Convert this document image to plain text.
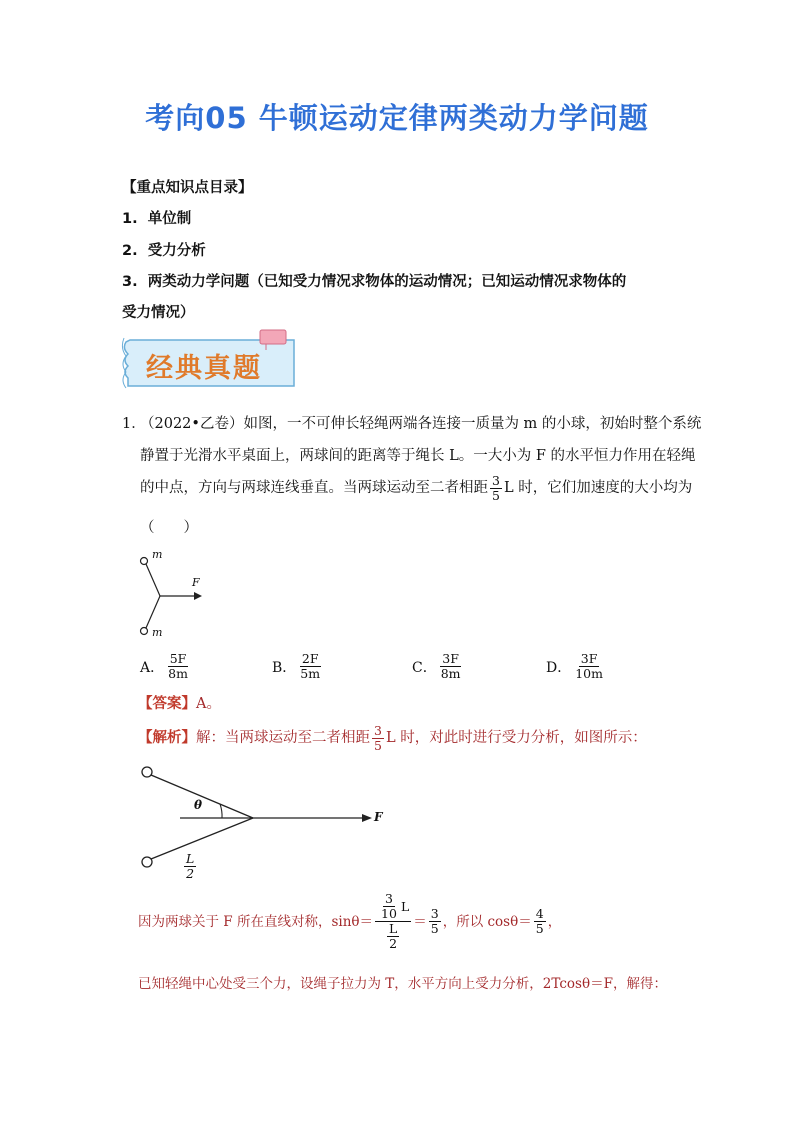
考向05 牛顿运动定律两类动力学问题
【重点知识点目录】
1. 单位制
2. 受力分析
3. 两类动力学问题（已知受力情况求物体的运动情况；已知运动情况求物体的
受力情况）
经典真题
1．
（2022•乙卷）如图，一不可伸长轻绳两端各连接一质量为 m 的小球，初始时整个系统
静置于光滑水平桌面上，两球间的距离等于绳长 L。一大小为 F 的水平恒力作用在轻绳
的中点，方向与两球连线垂直。当两球运动至二者相距 $\frac{3}{5}$ L 时，它们加速度的大小均为
（　　）
m
m
F
A． $\frac{5F}{8m}$	B． $\frac{2F}{5m}$	C． $\frac{3F}{8m}$	D． $\frac{3F}{10m}$
【答案】A。
【解析】 解：当两球运动至二者相距 $\frac{3}{5}$ L 时，对此时进行受力分析，如图所示：
θ
F
$\frac{L}{2}$
因为两球关于 F 所在直线对称，$\sin\theta= \frac{\frac{3}{10} L}{\frac{L}{2}} = \frac{3}{5}$ ，所以 $\cos\theta= \frac{4}{5}$ ，
已知轻绳中心处受三个力，设绳子拉力为 T，水平方向上受力分析，2Tcosθ＝F，解得：
